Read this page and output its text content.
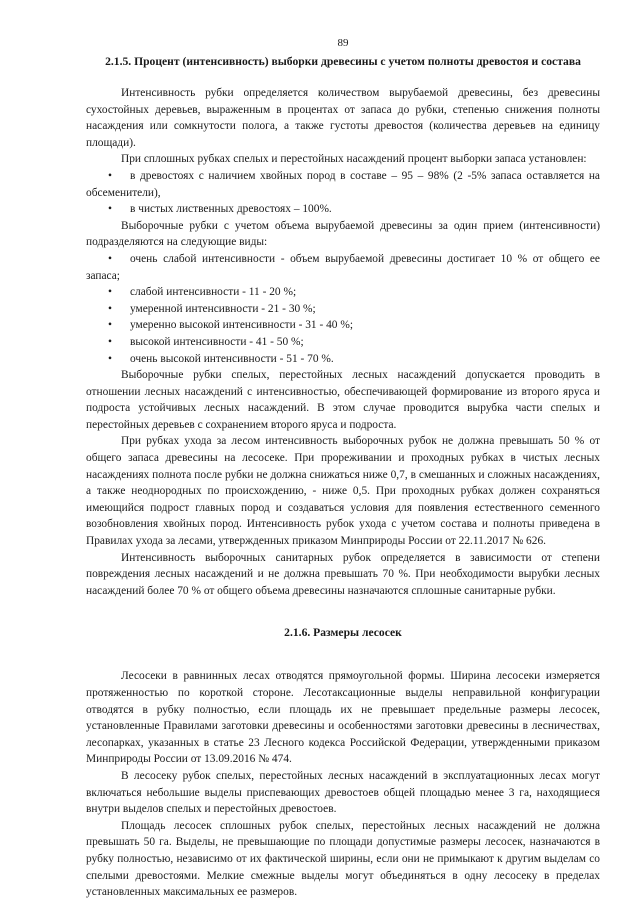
89
2.1.5. Процент (интенсивность) выборки древесины с учетом полноты древостоя и состава

Интенсивность рубки определяется количеством вырубаемой древесины, без древесины сухостойных деревьев, выраженным в процентах от запаса до рубки, степенью снижения полноты насаждения или сомкнутости полога, а также густоты древостоя (количества деревьев на единицу площади).

При сплошных рубках спелых и перестойных насаждений процент выборки запаса установлен:

•	в древостоях с наличием хвойных пород в составе – 95 – 98% (2 -5% запаса оставляется на обсеменители),
•	в чистых лиственных древостоях – 100%.

Выборочные рубки с учетом объема вырубаемой древесины за один прием (интенсивности) подразделяются на следующие виды:

•	очень слабой интенсивности - объем вырубаемой древесины достигает 10 % от общего ее запаса;
•	слабой интенсивности - 11 - 20 %;
•	умеренной интенсивности - 21 - 30 %;
•	умеренно высокой интенсивности - 31 - 40 %;
•	высокой интенсивности - 41 - 50 %;
•	очень высокой интенсивности - 51 - 70 %.

Выборочные рубки спелых, перестойных лесных насаждений допускается проводить в отношении лесных насаждений с интенсивностью, обеспечивающей формирование из второго яруса и подроста устойчивых лесных насаждений. В этом случае проводится вырубка части спелых и перестойных деревьев с сохранением второго яруса и подроста.

При рубках ухода за лесом интенсивность выборочных рубок не должна превышать 50 % от общего запаса древесины на лесосеке. При прореживании и проходных рубках в чистых лесных насаждениях полнота после рубки не должна снижаться ниже 0,7, в смешанных и сложных насаждениях, а также неоднородных по происхождению, - ниже 0,5. При проходных рубках должен сохраняться имеющийся подрост главных пород и создаваться условия для появления естественного семенного возобновления хвойных пород. Интенсивность рубок ухода с учетом состава и полноты приведена в Правилах ухода за лесами, утвержденных приказом Минприроды России от 22.11.2017 № 626.

Интенсивность выборочных санитарных рубок определяется в зависимости от степени повреждения лесных насаждений и не должна превышать 70 %. При необходимости вырубки лесных насаждений более 70 % от общего объема древесины назначаются сплошные санитарные рубки.

2.1.6. Размеры лесосек

Лесосеки в равнинных лесах отводятся прямоугольной формы. Ширина лесосеки измеряется протяженностью по короткой стороне. Лесотаксационные выделы неправильной конфигурации отводятся в рубку полностью, если площадь их не превышает предельные размеры лесосек, установленные Правилами заготовки древесины и особенностями заготовки древесины в лесничествах, лесопарках, указанных в статье 23 Лесного кодекса Российской Федерации, утвержденными приказом Минприроды России от 13.09.2016 № 474.

В лесосеку рубок спелых, перестойных лесных насаждений в эксплуатационных лесах могут включаться небольшие выделы приспевающих древостоев общей площадью менее 3 га, находящиеся внутри выделов спелых и перестойных древостоев.

Площадь лесосек сплошных рубок спелых, перестойных лесных насаждений не должна превышать 50 га. Выделы, не превышающие по площади допустимые размеры лесосек, назначаются в рубку полностью, независимо от их фактической ширины, если они не примыкают к другим выделам со спелыми древостоями. Мелкие смежные выделы могут объединяться в одну лесосеку в пределах установленных максимальных ее размеров.
